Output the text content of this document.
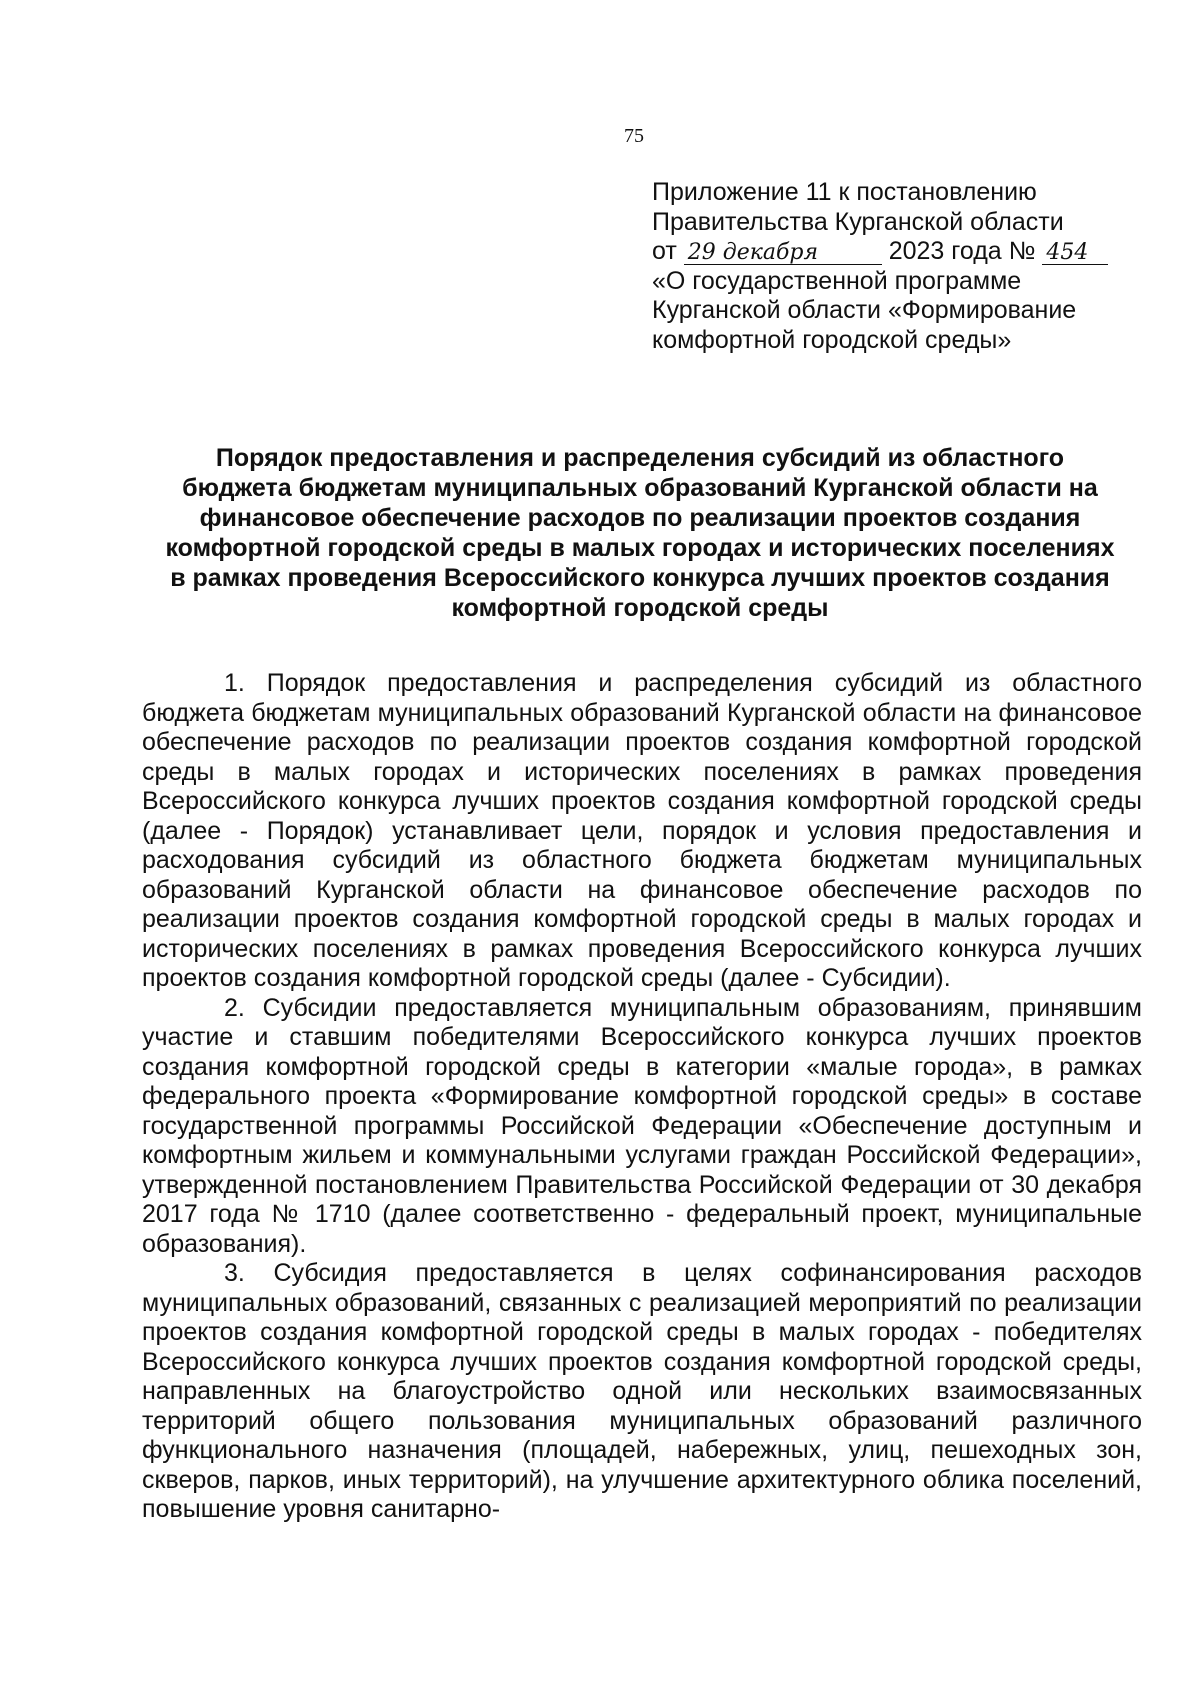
75
Приложение 11 к постановлению
Правительства Курганской области
от 29 декабря	2023 года № 454
«О государственной программе
Курганской области «Формирование
комфортной городской среды»
Порядок предоставления и распределения субсидий из областного
бюджета бюджетам муниципальных образований Курганской области на
финансовое обеспечение расходов по реализации проектов создания
комфортной городской среды в малых городах и исторических поселениях
в рамках проведения Всероссийского конкурса лучших проектов создания
комфортной городской среды

1. Порядок предоставления и распределения субсидий из областного бюджета бюджетам муниципальных образований Курганской области на финансовое обеспечение расходов по реализации проектов создания комфортной городской среды в малых городах и исторических поселениях в рамках проведения Всероссийского конкурса лучших проектов создания комфортной городской среды (далее - Порядок) устанавливает цели, порядок и условия предоставления и расходования субсидий из областного бюджета бюджетам муниципальных образований Курганской области на финансовое обеспечение расходов по реализации проектов создания комфортной городской среды в малых городах и исторических поселениях в рамках проведения Всероссийского конкурса лучших проектов создания комфортной городской среды (далее - Субсидии).

2. Субсидии предоставляется муниципальным образованиям, принявшим участие и ставшим победителями Всероссийского конкурса лучших проектов создания комфортной городской среды в категории «малые города», в рамках федерального проекта «Формирование комфортной городской среды» в составе государственной программы Российской Федерации «Обеспечение доступным и комфортным жильем и коммунальными услугами граждан Российской Федерации», утвержденной постановлением Правительства Российской Федерации от 30 декабря 2017 года № 1710 (далее соответственно - федеральный проект, муниципальные образования).

3. Субсидия предоставляется в целях софинансирования расходов муниципальных образований, связанных с реализацией мероприятий по реализации проектов создания комфортной городской среды в малых городах - победителях Всероссийского конкурса лучших проектов создания комфортной городской среды, направленных на благоустройство одной или нескольких взаимосвязанных территорий общего пользования муниципальных образований различного функционального назначения (площадей, набережных, улиц, пешеходных зон, скверов, парков, иных территорий), на улучшение архитектурного облика поселений, повышение уровня санитарно-
